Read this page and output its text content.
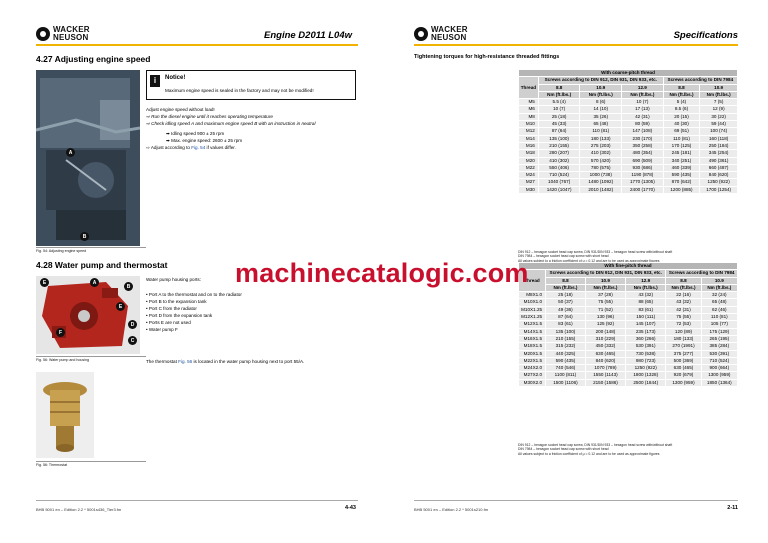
WACKER
NEUSON	Engine D2011 L04w
4.27 Adjusting engine speed
A
B
Fig. 54: Adjusting engine speed
i	Notice!
Maximum engine speed is sealed in the factory and may not be modified!
Adjust engine speed without load!
⇨ Run the diesel engine until it reaches operating temperature
⇨ Check idling speed A and maximum engine speed B with an instruction in neutral
➡ Idling speed 900 ± 25 rpm
➡ Max. engine speed: 2600 ± 25 rpm
⇨ Adjust according to Fig. 54 if values differ.
4.28 Water pump and thermostat
E	A
B
E
D
F
C
Fig. 56: Water pump and housing
Water pump housing ports:
• Port A to the thermostat and on to the radiator
• Port B to the expansion tank
• Port C from the radiator
• Port D from the expansion tank
• Ports E are not used
• Water pump F
The thermostat Fig. 56 is located in the water pump housing next to port 55/A.
Fig. 56: Thermostat
BHB 5001 en – Edition 2.2 * 5001s436_Tier3.fm	4-43
WACKER
NEUSON	Specifications
Tightening torques for high-resistance threaded fittings
With coarse-pitch thread					
Thread	Screws according to DIN 912, DIN 931, DIN 933, etc.			Screws according to DIN 7984	
	8.8	10.9	12.9	8.8	10.9
	Nm (ft.lbs.)	Nm (ft.lbs.)	Nm (ft.lbs.)	Nm (ft.lbs.)	Nm (ft.lbs.)
M5	5.5 (4)	8 (6)	10 (7)	5 (4)	7 (5)
M6	10 (7)	14 (10)	17 (13)	8.5 (6)	12 (9)
M8	25 (18)	35 (26)	42 (31)	20 (15)	30 (22)
M10	45 (33)	65 (48)	80 (59)	40 (30)	59 (44)
M12	87 (64)	110 (81)	147 (108)	69 (51)	100 (74)
M14	135 (100)	180 (133)	230 (170)	110 (81)	160 (118)
M16	210 (155)	275 (203)	350 (258)	170 (125)	250 (184)
M18	280 (207)	410 (302)	480 (354)	245 (181)	345 (254)
M20	410 (302)	570 (420)	690 (509)	340 (251)	490 (361)
M22	550 (406)	780 (575)	930 (686)	460 (339)	660 (487)
M24	710 (524)	1000 (738)	1190 (878)	590 (435)	840 (620)
M27	1040 (767)	1480 (1092)	1770 (1305)	870 (642)	1250 (922)
M30	1420 (1047)	2010 (1482)	2400 (1770)	1200 (885)	1700 (1254)
DIN 912 – hexagon socket head cap screw, DIN 931/DIN 933 – hexagon head screw with/without shaft
DIN 7984 – hexagon socket head cap screw with short head
All values subject to a friction coefficient of μ = 0.12 and are to be used as approximate figures
With fine-pitch thread					
Thread	Screws according to DIN 912, DIN 931, DIN 933, etc.			Screws according to DIN 7984	
	8.8	10.9	12.9	8.8	10.9
	Nm (ft.lbs.)	Nm (ft.lbs.)	Nm (ft.lbs.)	Nm (ft.lbs.)	Nm (ft.lbs.)
M8X1.0	25 (18)	37 (28)	43 (32)	22 (16)	32 (24)
M10X1.0	50 (37)	75 (55)	88 (65)	43 (32)	65 (48)
M10X1.25	49 (36)	71 (52)	83 (61)	42 (31)	62 (46)
M12X1.25	87 (64)	130 (96)	150 (111)	75 (55)	110 (81)
M12X1.5	83 (61)	125 (92)	145 (107)	72 (53)	105 (77)
M14X1.5	135 (100)	200 (148)	235 (173)	120 (89)	175 (129)
M16X1.5	210 (155)	310 (229)	360 (266)	180 (133)	265 (195)
M18X1.5	315 (232)	450 (332)	530 (391)	270 (1991)	385 (284)
M20X1.5	440 (325)	630 (465)	730 (538)	375 (277)	530 (391)
M22X1.5	590 (435)	840 (620)	980 (723)	500 (369)	710 (524)
M24X2.0	740 (546)	1070 (789)	1250 (922)	630 (465)	900 (664)
M27X2.0	1100 (811)	1550 (1143)	1800 (1328)	920 (679)	1300 (959)
M30X2.0	1500 (1106)	2150 (1586)	2500 (1844)	1300 (959)	1850 (1364)
DIN 912 – hexagon socket head cap screw, DIN 931/DIN 933 – hexagon head screw with/without shaft
DIN 7984 – hexagon socket head cap screw with short head
All values subject to a friction coefficient of μ = 0.12 and are to be used as approximate figures
BHB 5001 en – Edition 2.2 * 5001s210.fm	2-11
machinecatalogic.com
